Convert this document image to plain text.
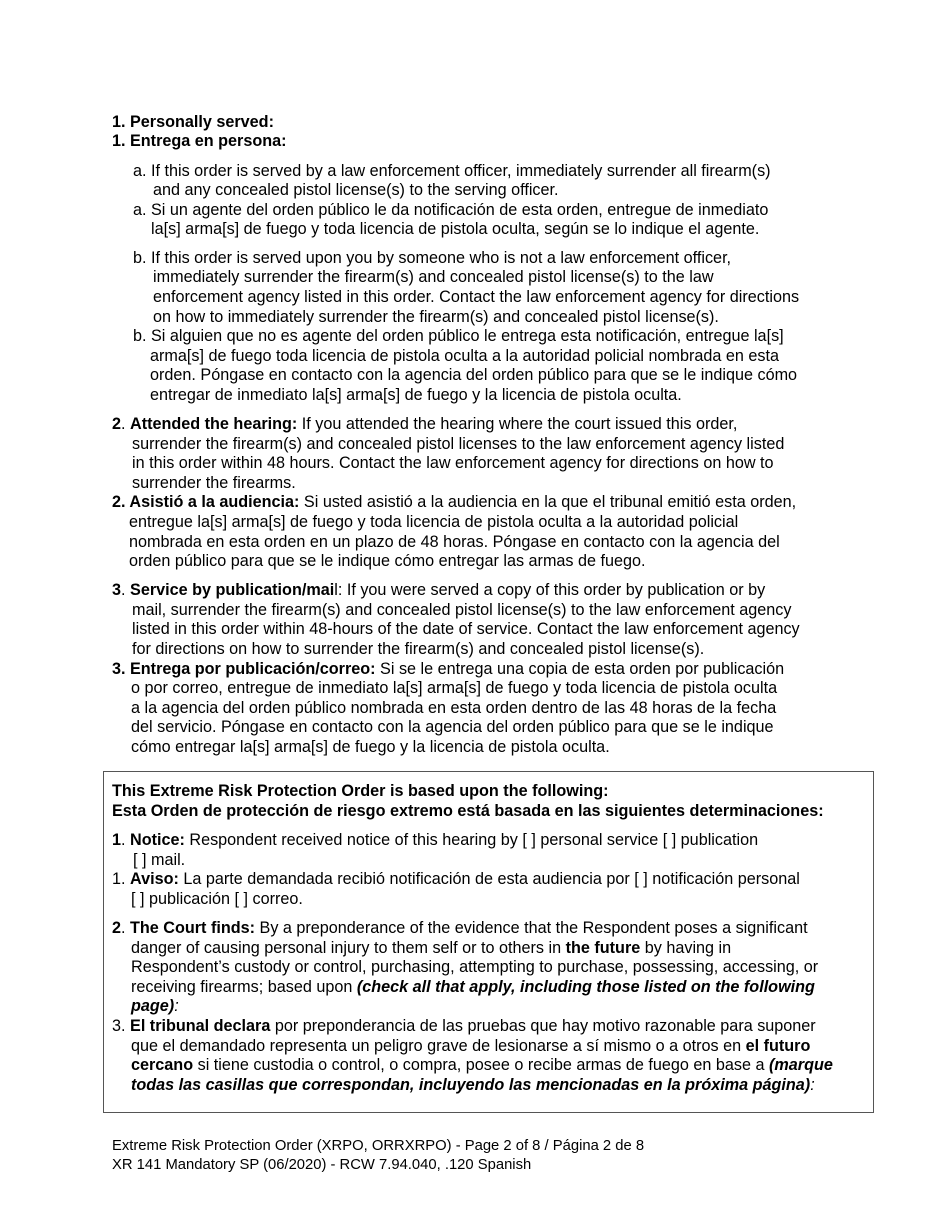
1. Personally served:
1. Entrega en persona:
a. If this order is served by a law enforcement officer, immediately surrender all firearm(s)
and any concealed pistol license(s) to the serving officer.
a. Si un agente del orden público le da notificación de esta orden, entregue de inmediato
la[s] arma[s] de fuego y toda licencia de pistola oculta, según se lo indique el agente.
b. If this order is served upon you by someone who is not a law enforcement officer,
immediately surrender the firearm(s) and concealed pistol license(s) to the law
enforcement agency listed in this order. Contact the law enforcement agency for directions
on how to immediately surrender the firearm(s) and concealed pistol license(s).
b. Si alguien que no es agente del orden público le entrega esta notificación, entregue la[s]
arma[s] de fuego toda licencia de pistola oculta a la autoridad policial nombrada en esta
orden. Póngase en contacto con la agencia del orden público para que se le indique cómo
entregar de inmediato la[s] arma[s] de fuego y la licencia de pistola oculta.
2. Attended the hearing: If you attended the hearing where the court issued this order,
surrender the firearm(s) and concealed pistol licenses to the law enforcement agency listed
in this order within 48 hours. Contact the law enforcement agency for directions on how to
surrender the firearms.
2. Asistió a la audiencia: Si usted asistió a la audiencia en la que el tribunal emitió esta orden,
entregue la[s] arma[s] de fuego y toda licencia de pistola oculta a la autoridad policial
nombrada en esta orden en un plazo de 48 horas. Póngase en contacto con la agencia del
orden público para que se le indique cómo entregar las armas de fuego.
3. Service by publication/mail: If you were served a copy of this order by publication or by
mail, surrender the firearm(s) and concealed pistol license(s) to the law enforcement agency
listed in this order within 48-hours of the date of service. Contact the law enforcement agency
for directions on how to surrender the firearm(s) and concealed pistol license(s).
3. Entrega por publicación/correo: Si se le entrega una copia de esta orden por publicación
o por correo, entregue de inmediato la[s] arma[s] de fuego y toda licencia de pistola oculta
a la agencia del orden público nombrada en esta orden dentro de las 48 horas de la fecha
del servicio. Póngase en contacto con la agencia del orden público para que se le indique
cómo entregar la[s] arma[s] de fuego y la licencia de pistola oculta.
This Extreme Risk Protection Order is based upon the following:
Esta Orden de protección de riesgo extremo está basada en las siguientes determinaciones:
1. Notice: Respondent received notice of this hearing by [ ] personal service [ ] publication
[ ] mail.
1. Aviso: La parte demandada recibió notificación de esta audiencia por [ ] notificación personal
[ ] publicación [ ] correo.
2. The Court finds: By a preponderance of the evidence that the Respondent poses a significant
danger of causing personal injury to them self or to others in the future by having in
Respondent’s custody or control, purchasing, attempting to purchase, possessing, accessing, or
receiving firearms; based upon (check all that apply, including those listed on the following
page):
3. El tribunal declara por preponderancia de las pruebas que hay motivo razonable para suponer
que el demandado representa un peligro grave de lesionarse a sí mismo o a otros en el futuro
cercano si tiene custodia o control, o compra, posee o recibe armas de fuego en base a (marque
todas las casillas que correspondan, incluyendo las mencionadas en la próxima página):
Extreme Risk Protection Order (XRPO, ORRXRPO) - Page 2 of 8 / Página 2 de 8
XR 141 Mandatory SP (06/2020) - RCW 7.94.040, .120 Spanish
